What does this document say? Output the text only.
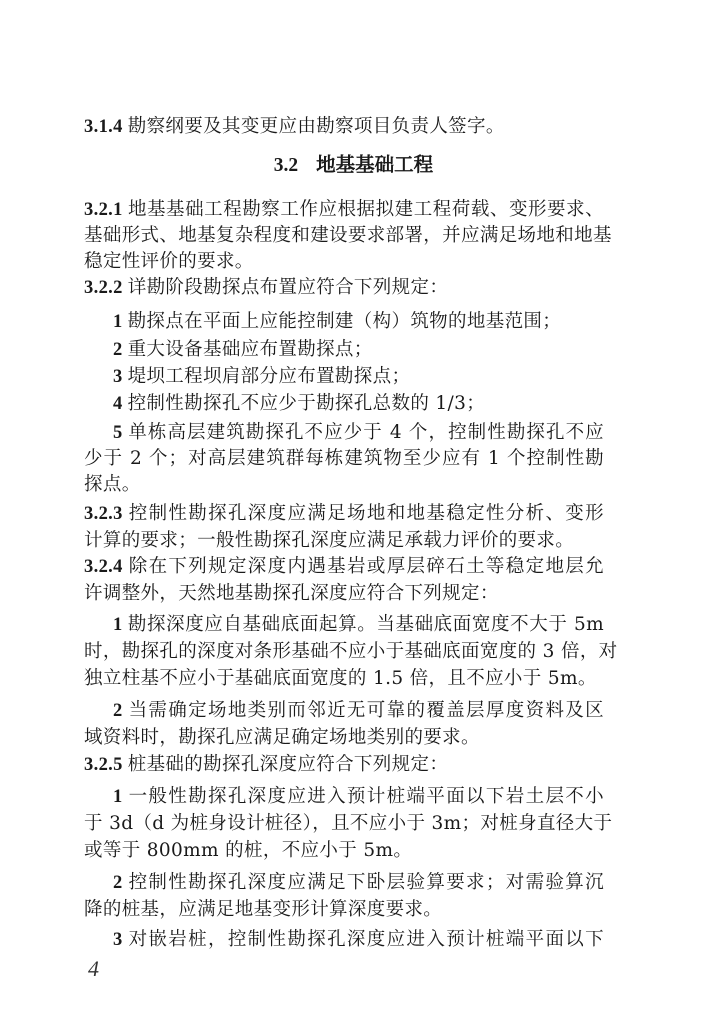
3.2 地基基础工程
3.1.4 勘察纲要及其变更应由勘察项目负责人签字。
3.2.1 地基基础工程勘察工作应根据拟建工程荷载、变形要求、
基础形式、地基复杂程度和建设要求部署，并应满足场地和地基
稳定性评价的要求。
3.2.2 详勘阶段勘探点布置应符合下列规定：
1 勘探点在平面上应能控制建（构）筑物的地基范围；
2 重大设备基础应布置勘探点；
3 堤坝工程坝肩部分应布置勘探点；
4 控制性勘探孔不应少于勘探孔总数的 1/3；
5 单栋高层建筑勘探孔不应少于 4 个，控制性勘探孔不应
少于 2 个；对高层建筑群每栋建筑物至少应有 1 个控制性勘
探点。
3.2.3 控制性勘探孔深度应满足场地和地基稳定性分析、变形
计算的要求；一般性勘探孔深度应满足承载力评价的要求。
3.2.4 除在下列规定深度内遇基岩或厚层碎石土等稳定地层允
许调整外，天然地基勘探孔深度应符合下列规定：
1 勘探深度应自基础底面起算。当基础底面宽度不大于 5m
时，勘探孔的深度对条形基础不应小于基础底面宽度的 3 倍，对
独立柱基不应小于基础底面宽度的 1.5 倍，且不应小于 5m。
2 当需确定场地类别而邻近无可靠的覆盖层厚度资料及区
域资料时，勘探孔应满足确定场地类别的要求。
3.2.5 桩基础的勘探孔深度应符合下列规定：
1 一般性勘探孔深度应进入预计桩端平面以下岩土层不小
于 3d（d 为桩身设计桩径），且不应小于 3m；对桩身直径大于
或等于 800mm 的桩，不应小于 5m。
2 控制性勘探孔深度应满足下卧层验算要求；对需验算沉
降的桩基，应满足地基变形计算深度要求。
3 对嵌岩桩，控制性勘探孔深度应进入预计桩端平面以下
4
